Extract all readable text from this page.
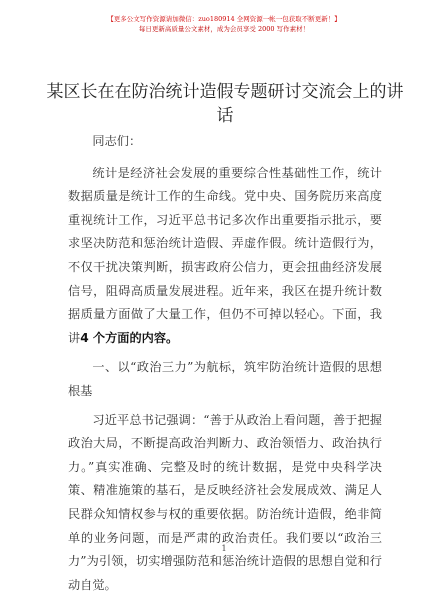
【更多公文写作资源请加微信：zuo180914 全网资源一帐一包获取不断更新！】
每日更新高质量公文素材，成为会员享受 2000 写作素材！
某区长在在防治统计造假专题研讨交流会上的讲话

同志们：

统计是经济社会发展的重要综合性基础性工作，统计数据质量是统计工作的生命线。党中央、国务院历来高度重视统计工作，习近平总书记多次作出重要指示批示，要求坚决防范和惩治统计造假、弄虚作假。统计造假行为，不仅干扰决策判断，损害政府公信力，更会扭曲经济发展信号，阻碍高质量发展进程。近年来，我区在提升统计数据质量方面做了大量工作，但仍不可掉以轻心。下面，我讲4 个方面的内容。

一、以“政治三力”为航标，筑牢防治统计造假的思想根基

习近平总书记强调：“善于从政治上看问题，善于把握政治大局，不断提高政治判断力、政治领悟力、政治执行力。”真实准确、完整及时的统计数据，是党中央科学决策、精准施策的基石，是反映经济社会发展成效、满足人民群众知情权参与权的重要依据。防治统计造假，绝非简单的业务问题，而是严肃的政治责任。我们要以“政治三力”为引领，切实增强防范和惩治统计造假的思想自觉和行动自觉。

1
